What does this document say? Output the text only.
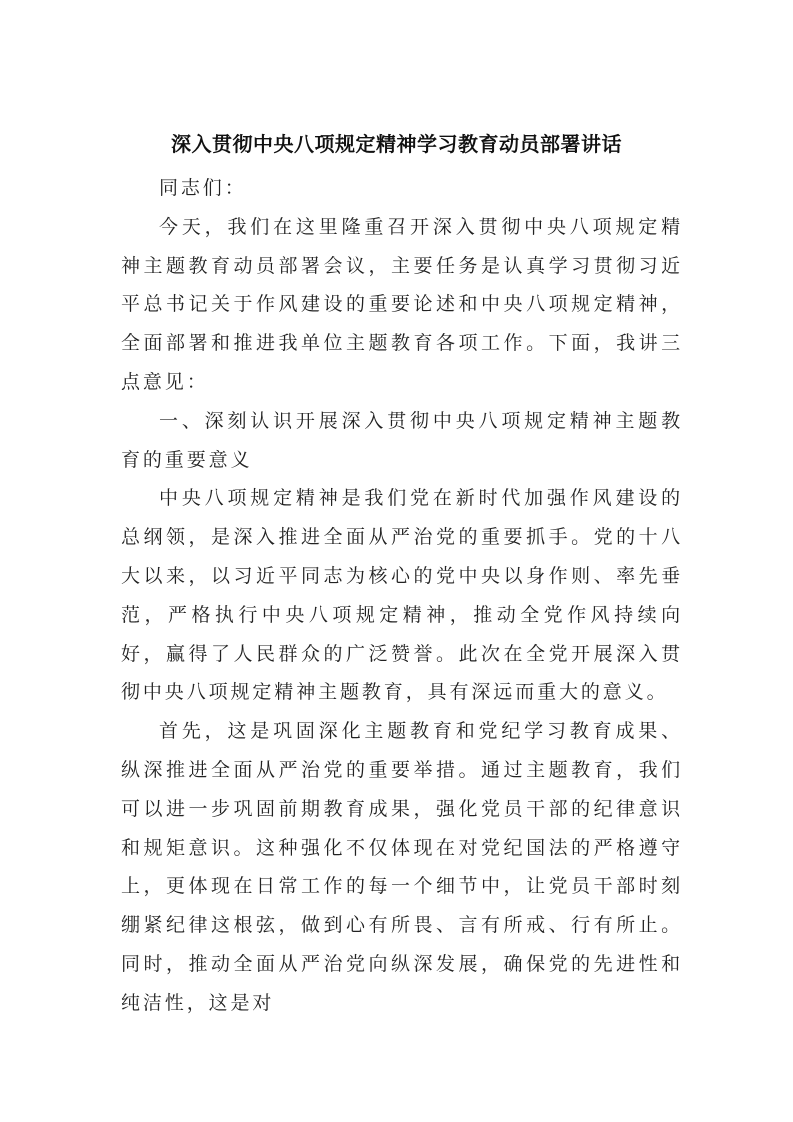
深入贯彻中央八项规定精神学习教育动员部署讲话

同志们：

今天，我们在这里隆重召开深入贯彻中央八项规定精神主题教育动员部署会议，主要任务是认真学习贯彻习近平总书记关于作风建设的重要论述和中央八项规定精神，全面部署和推进我单位主题教育各项工作。下面，我讲三点意见：

一、深刻认识开展深入贯彻中央八项规定精神主题教育的重要意义

中央八项规定精神是我们党在新时代加强作风建设的总纲领，是深入推进全面从严治党的重要抓手。党的十八大以来，以习近平同志为核心的党中央以身作则、率先垂范，严格执行中央八项规定精神，推动全党作风持续向好，赢得了人民群众的广泛赞誉。此次在全党开展深入贯彻中央八项规定精神主题教育，具有深远而重大的意义。

首先，这是巩固深化主题教育和党纪学习教育成果、纵深推进全面从严治党的重要举措。通过主题教育，我们可以进一步巩固前期教育成果，强化党员干部的纪律意识和规矩意识。这种强化不仅体现在对党纪国法的严格遵守上，更体现在日常工作的每一个细节中，让党员干部时刻绷紧纪律这根弦，做到心有所畏、言有所戒、行有所止。同时，推动全面从严治党向纵深发展，确保党的先进性和纯洁性，这是对
